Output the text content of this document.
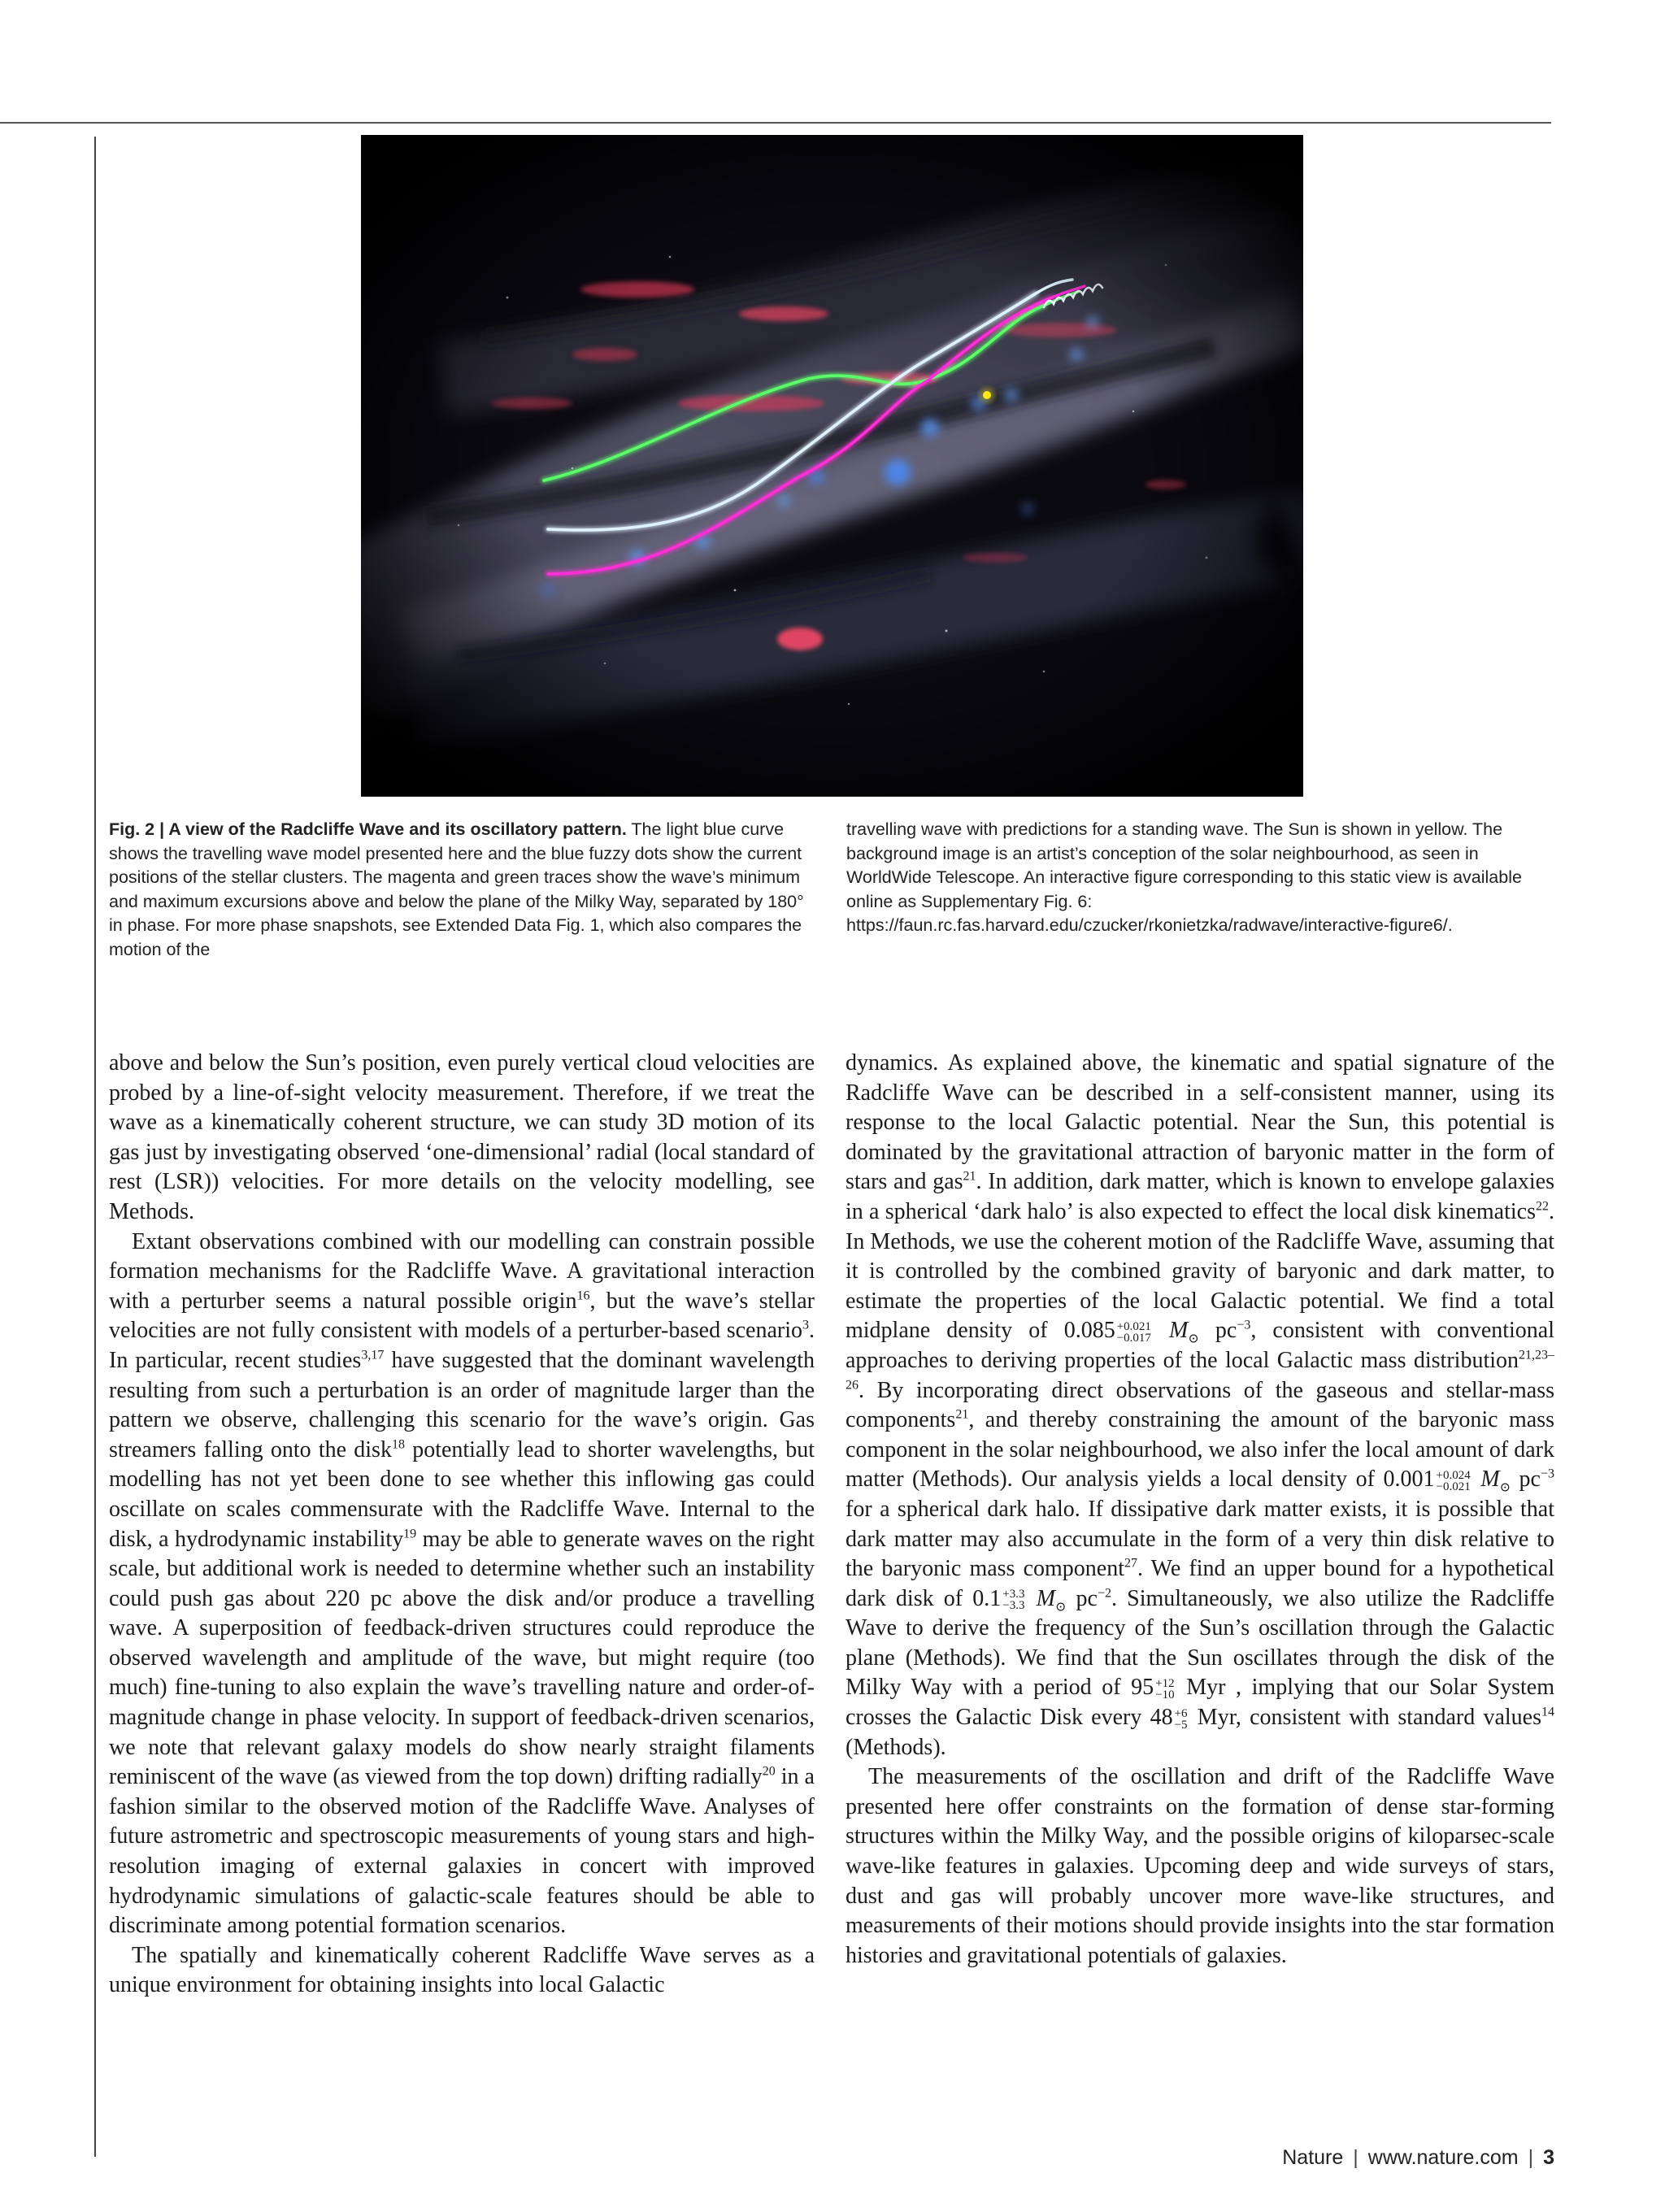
Fig. 2 | A view of the Radcliffe Wave and its oscillatory pattern. The light blue curve shows the travelling wave model presented here and the blue fuzzy dots show the current positions of the stellar clusters. The magenta and green traces show the wave’s minimum and maximum excursions above and below the plane of the Milky Way, separated by 180° in phase. For more phase snapshots, see Extended Data Fig. 1, which also compares the motion of the

travelling wave with predictions for a standing wave. The Sun is shown in yellow. The background image is an artist’s conception of the solar neighbourhood, as seen in WorldWide Telescope. An interactive figure corresponding to this static view is available online as Supplementary Fig. 6: https://faun.rc.fas.harvard.edu/czucker/rkonietzka/radwave/interactive-figure6/.

above and below the Sun’s position, even purely vertical cloud velocities are probed by a line-of-sight velocity measurement. Therefore, if we treat the wave as a kinematically coherent structure, we can study 3D motion of its gas just by investigating observed ‘one-dimensional’ radial (local standard of rest (LSR)) velocities. For more details on the velocity modelling, see Methods.

Extant observations combined with our modelling can constrain possible formation mechanisms for the Radcliffe Wave. A gravitational interaction with a perturber seems a natural possible origin$^{16}$, but the wave’s stellar velocities are not fully consistent with models of a perturber-based scenario$^3$. In particular, recent studies$^{3,17}$ have suggested that the dominant wavelength resulting from such a perturbation is an order of magnitude larger than the pattern we observe, challenging this scenario for the wave’s origin. Gas streamers falling onto the disk$^{18}$ potentially lead to shorter wavelengths, but modelling has not yet been done to see whether this inflowing gas could oscillate on scales commensurate with the Radcliffe Wave. Internal to the disk, a hydrodynamic instability$^{19}$ may be able to generate waves on the right scale, but additional work is needed to determine whether such an instability could push gas about 220 pc above the disk and/or produce a travelling wave. A superposition of feedback-driven structures could reproduce the observed wavelength and amplitude of the wave, but might require (too much) fine-tuning to also explain the wave’s travelling nature and order-of-magnitude change in phase velocity. In support of feedback-driven scenarios, we note that relevant galaxy models do show nearly straight filaments reminiscent of the wave (as viewed from the top down) drifting radially$^{20}$ in a fashion similar to the observed motion of the Radcliffe Wave. Analyses of future astrometric and spectroscopic measurements of young stars and high-resolution imaging of external galaxies in concert with improved hydrodynamic simulations of galactic-scale features should be able to discriminate among potential formation scenarios.

The spatially and kinematically coherent Radcliffe Wave serves as a unique environment for obtaining insights into local Galactic

dynamics. As explained above, the kinematic and spatial signature of the Radcliffe Wave can be described in a self-consistent manner, using its response to the local Galactic potential. Near the Sun, this potential is dominated by the gravitational attraction of baryonic matter in the form of stars and gas$^{21}$. In addition, dark matter, which is known to envelope galaxies in a spherical ‘dark halo’ is also expected to effect the local disk kinematics$^{22}$. In Methods, we use the coherent motion of the Radcliffe Wave, assuming that it is controlled by the combined gravity of baryonic and dark matter, to estimate the properties of the local Galactic potential. We find a total midplane density of 0.085 +0.021
−0.017 $M_⊙$ $pc^{-3}$, consistent with conventional approaches to deriving properties of the local Galactic mass distribution$^{21,23-26}$. By incorporating direct observations of the gaseous and stellar-mass components$^{21}$, and thereby constraining the amount of the baryonic mass component in the solar neighbourhood, we also infer the local amount of dark matter (Methods). Our analysis yields a local density of 0.001 +0.024
−0.021 $M_⊙$ $pc^{-3}$ for a spherical dark halo. If dissipative dark matter exists, it is possible that dark matter may also accumulate in the form of a very thin disk relative to the baryonic mass component$^{27}$. We find an upper bound for a hypothetical dark disk of 0.1 +3.3
−3.3 $M_⊙$ $pc^{-2}$. Simultaneously, we also utilize the Radcliffe Wave to derive the frequency of the Sun’s oscillation through the Galactic plane (Methods). We find that the Sun oscillates through the disk of the Milky Way with a period of 95 +12
−10 Myr , implying that our Solar System crosses the Galactic Disk every 48 +6
−5 Myr, consistent with standard values$^{14}$ (Methods).

The measurements of the oscillation and drift of the Radcliffe Wave presented here offer constraints on the formation of dense star-forming structures within the Milky Way, and the possible origins of kiloparsec-scale wave-like features in galaxies. Upcoming deep and wide surveys of stars, dust and gas will probably uncover more wave-like structures, and measurements of their motions should provide insights into the star formation histories and gravitational potentials of galaxies.

Nature | www.nature.com | 3
